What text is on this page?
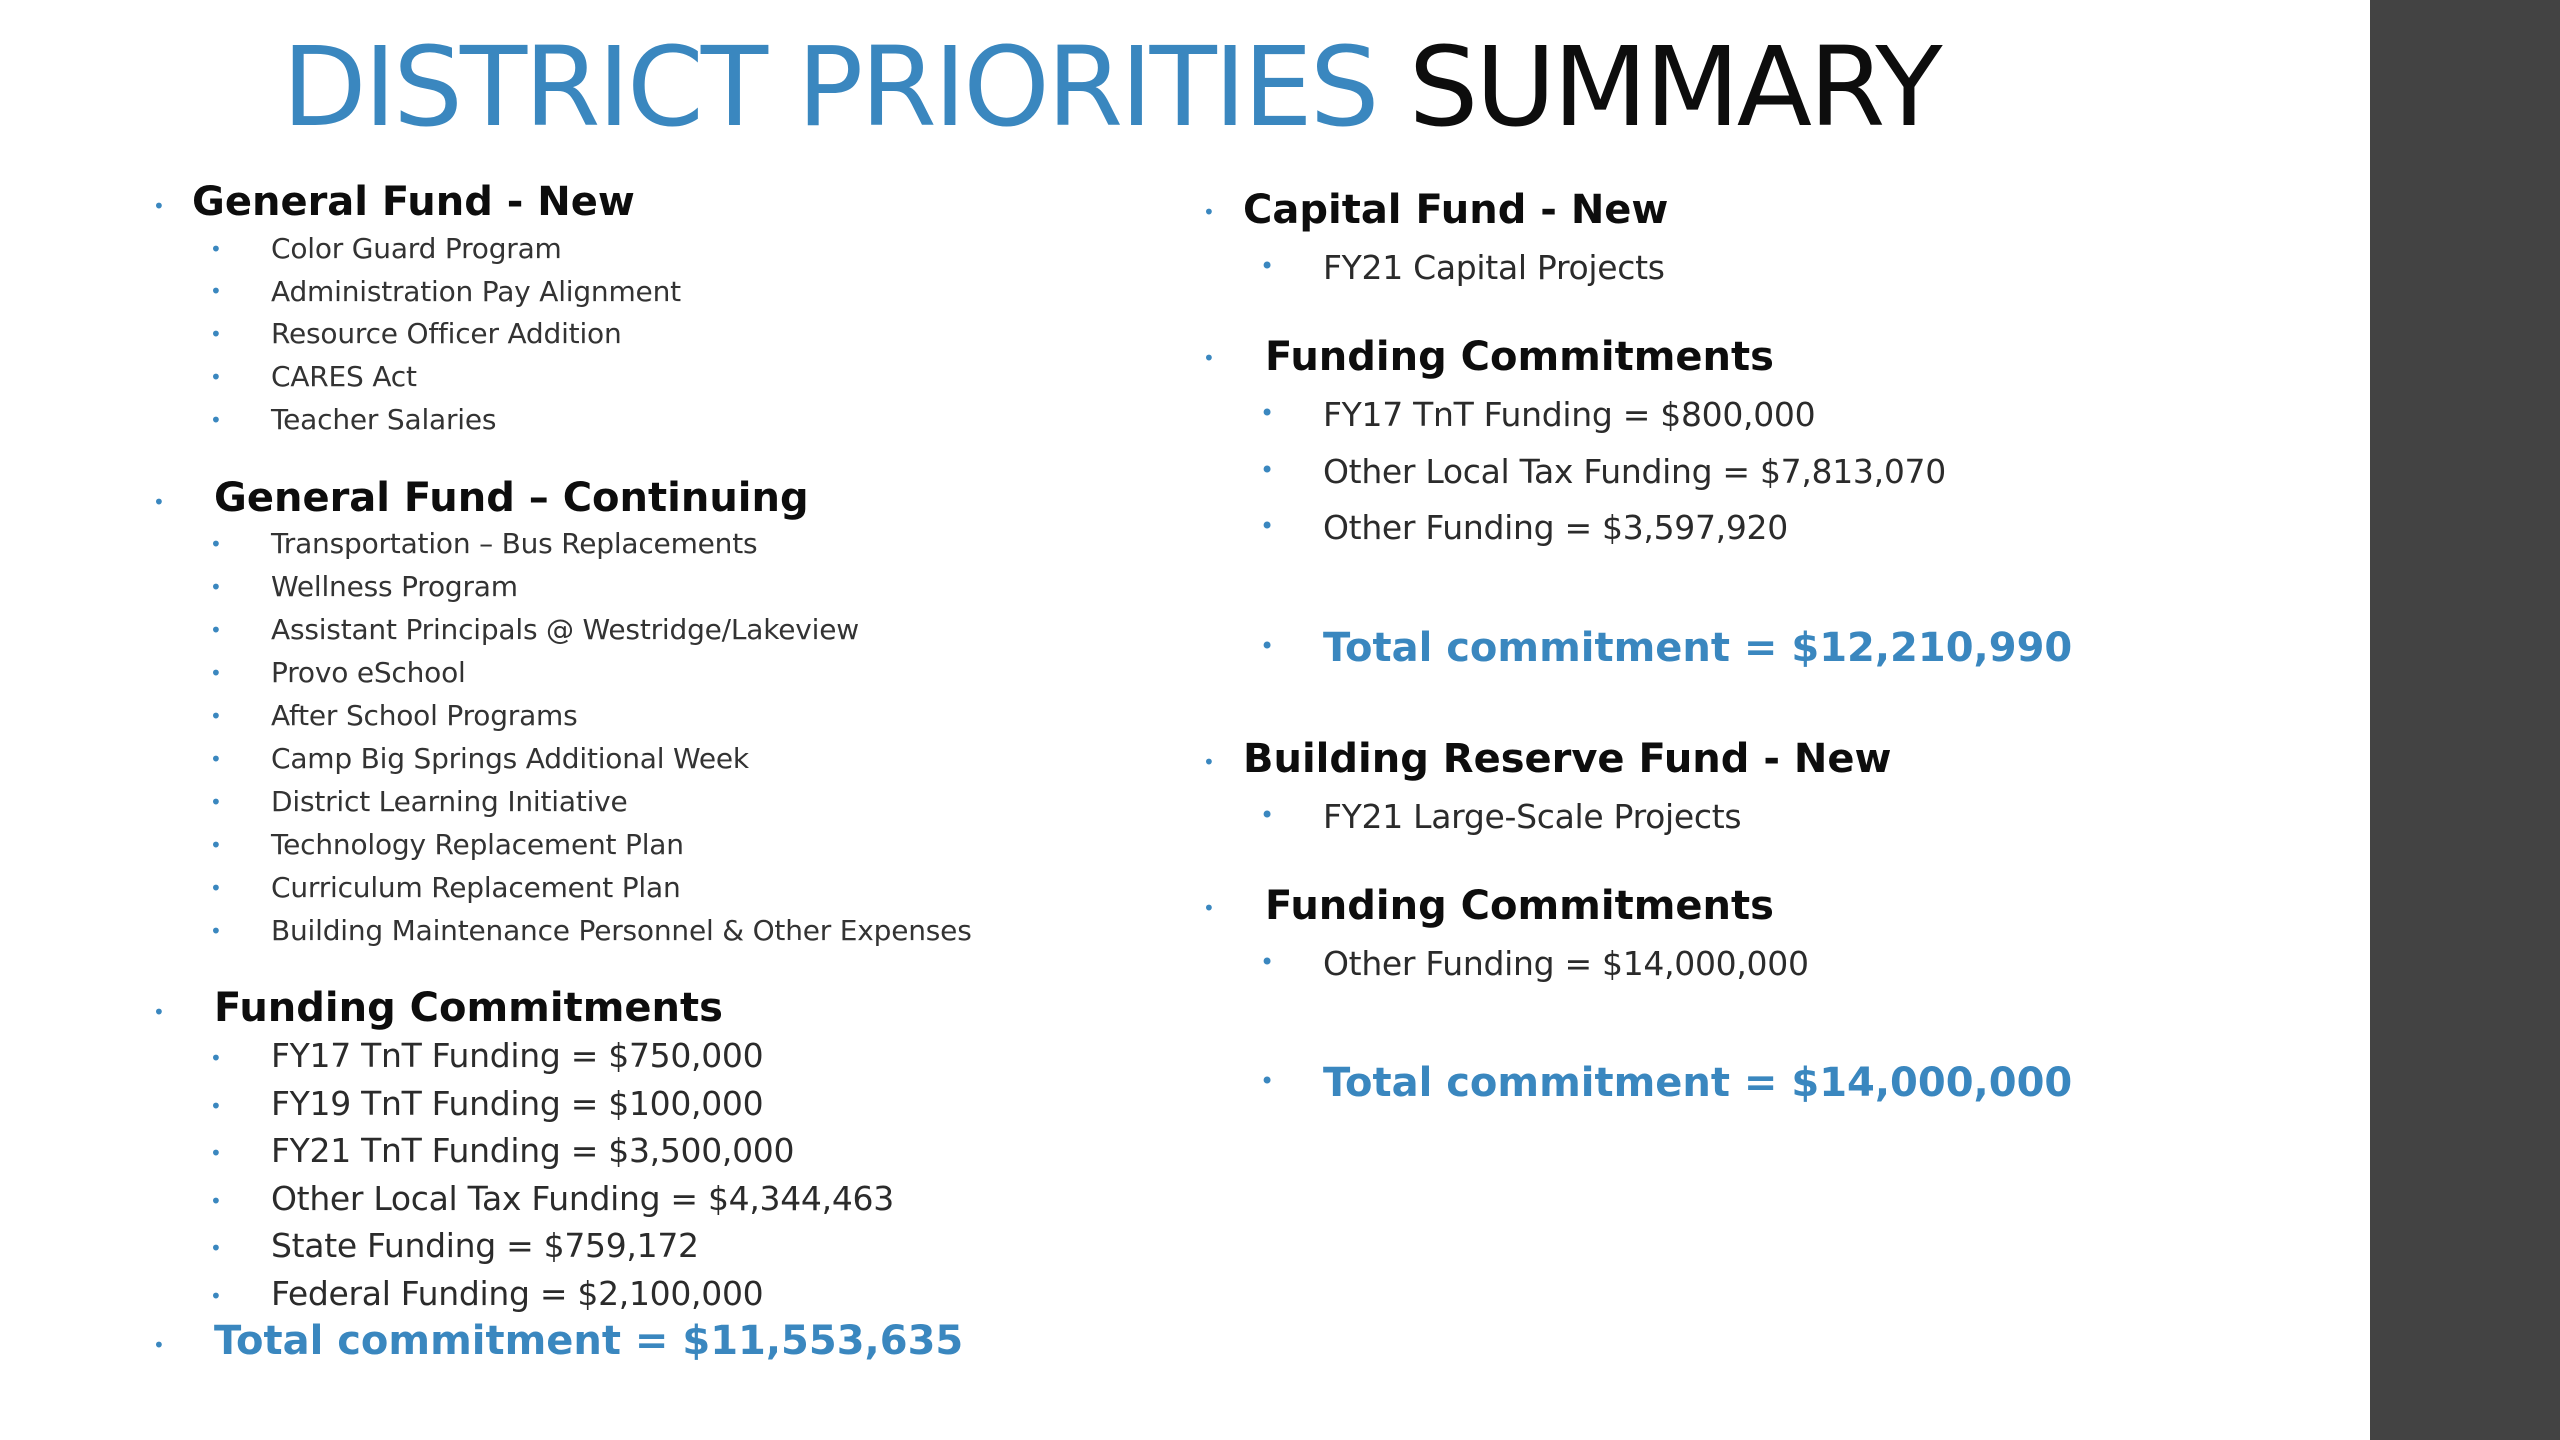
DISTRICT PRIORITIES SUMMARY
• General Fund - New
• Color Guard Program
• Administration Pay Alignment
• Resource Officer Addition
• CARES Act
• Teacher Salaries
• General Fund – Continuing
• Transportation – Bus Replacements
• Wellness Program
• Assistant Principals @ Westridge/Lakeview
• Provo eSchool
• After School Programs
• Camp Big Springs Additional Week
• District Learning Initiative
• Technology Replacement Plan
• Curriculum Replacement Plan
• Building Maintenance Personnel & Other Expenses
• Funding Commitments
• FY17 TnT Funding = $750,000
• FY19 TnT Funding = $100,000
• FY21 TnT Funding = $3,500,000
• Other Local Tax Funding = $4,344,463
• State Funding = $759,172
• Federal Funding = $2,100,000
• Total commitment = $11,553,635
• Capital Fund - New
• FY21 Capital Projects
• Funding Commitments
• FY17 TnT Funding = $800,000
• Other Local Tax Funding = $7,813,070
• Other Funding = $3,597,920
• Total commitment = $12,210,990
• Building Reserve Fund - New
• FY21 Large-Scale Projects
• Funding Commitments
• Other Funding = $14,000,000
• Total commitment = $14,000,000
